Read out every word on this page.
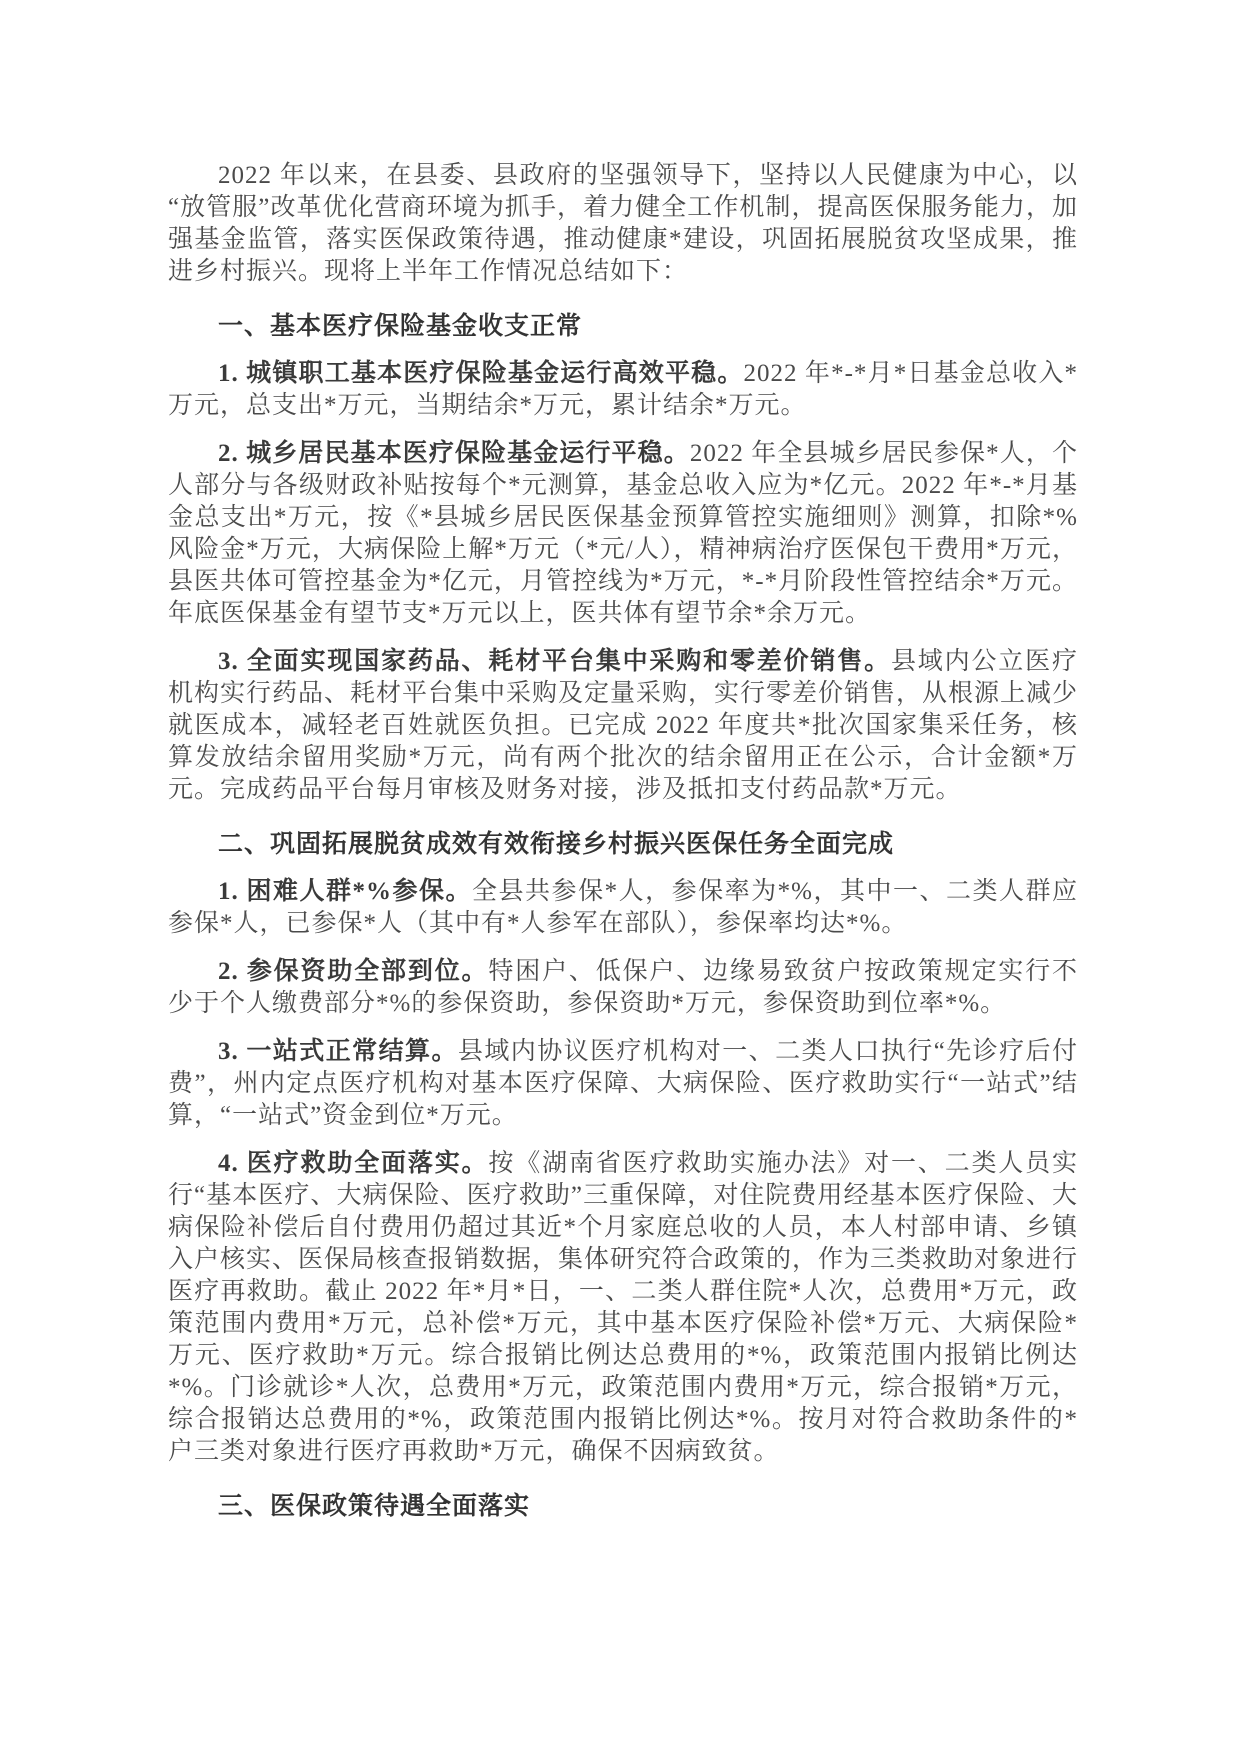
2022 年以来，在县委、县政府的坚强领导下，坚持以人民健康为中心，以“放管服”改革优化营商环境为抓手，着力健全工作机制，提高医保服务能力，加强基金监管，落实医保政策待遇，推动健康*建设，巩固拓展脱贫攻坚成果，推进乡村振兴。现将上半年工作情况总结如下：

一、基本医疗保险基金收支正常

1. 城镇职工基本医疗保险基金运行高效平稳。2022 年*-*月*日基金总收入*万元，总支出*万元，当期结余*万元，累计结余*万元。

2. 城乡居民基本医疗保险基金运行平稳。2022 年全县城乡居民参保*人，个人部分与各级财政补贴按每个*元测算，基金总收入应为*亿元。2022 年*-*月基金总支出*万元，按《*县城乡居民医保基金预算管控实施细则》测算，扣除*%风险金*万元，大病保险上解*万元（*元/人），精神病治疗医保包干费用*万元，县医共体可管控基金为*亿元，月管控线为*万元，*-*月阶段性管控结余*万元。年底医保基金有望节支*万元以上，医共体有望节余*余万元。

3. 全面实现国家药品、耗材平台集中采购和零差价销售。县域内公立医疗机构实行药品、耗材平台集中采购及定量采购，实行零差价销售，从根源上减少就医成本，减轻老百姓就医负担。已完成 2022 年度共*批次国家集采任务，核算发放结余留用奖励*万元，尚有两个批次的结余留用正在公示，合计金额*万元。完成药品平台每月审核及财务对接，涉及抵扣支付药品款*万元。

二、巩固拓展脱贫成效有效衔接乡村振兴医保任务全面完成

1. 困难人群*%参保。全县共参保*人，参保率为*%，其中一、二类人群应参保*人，已参保*人（其中有*人参军在部队），参保率均达*%。

2. 参保资助全部到位。特困户、低保户、边缘易致贫户按政策规定实行不少于个人缴费部分*%的参保资助，参保资助*万元，参保资助到位率*%。

3. 一站式正常结算。县域内协议医疗机构对一、二类人口执行“先诊疗后付费”，州内定点医疗机构对基本医疗保障、大病保险、医疗救助实行“一站式”结算，“一站式”资金到位*万元。

4. 医疗救助全面落实。按《湖南省医疗救助实施办法》对一、二类人员实行“基本医疗、大病保险、医疗救助”三重保障，对住院费用经基本医疗保险、大病保险补偿后自付费用仍超过其近*个月家庭总收的人员，本人村部申请、乡镇入户核实、医保局核查报销数据，集体研究符合政策的，作为三类救助对象进行医疗再救助。截止 2022 年*月*日，一、二类人群住院*人次，总费用*万元，政策范围内费用*万元，总补偿*万元，其中基本医疗保险补偿*万元、大病保险*万元、医疗救助*万元。综合报销比例达总费用的*%，政策范围内报销比例达*%。门诊就诊*人次，总费用*万元，政策范围内费用*万元，综合报销*万元，综合报销达总费用的*%，政策范围内报销比例达*%。按月对符合救助条件的*户三类对象进行医疗再救助*万元，确保不因病致贫。

三、医保政策待遇全面落实
